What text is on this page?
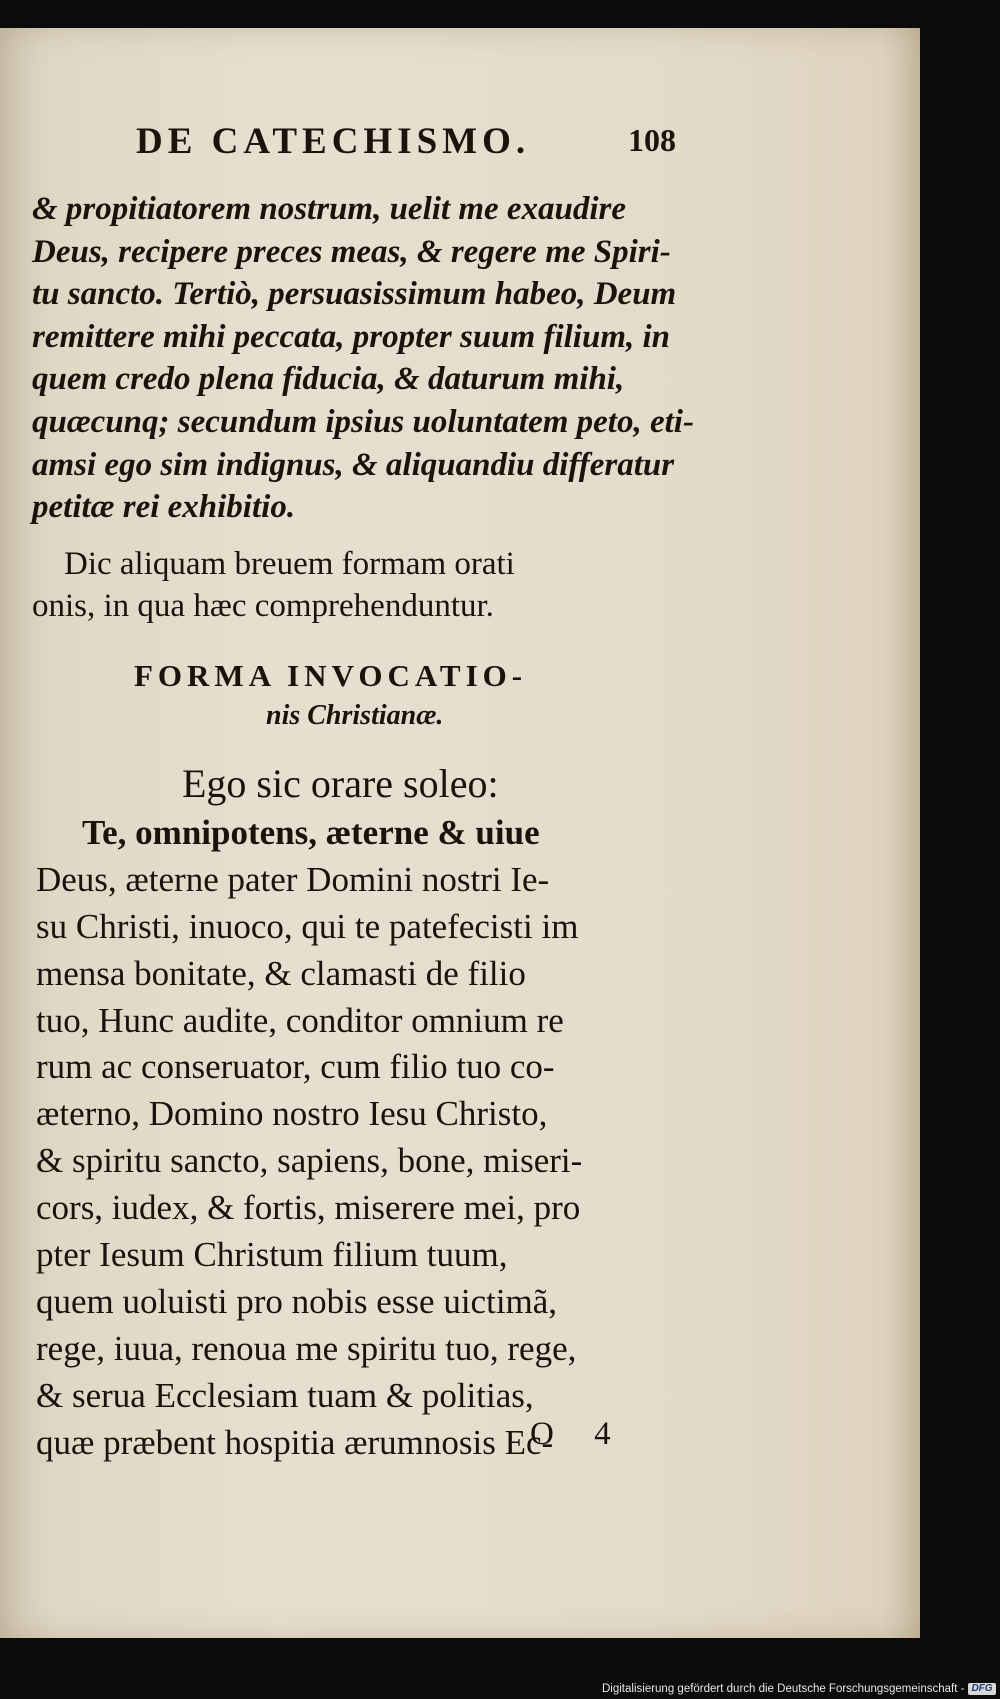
DE CATECHISMO.	108
& propitiatorem nostrum, uelit me exaudire
Deus, recipere preces meas, & regere me Spiri-
tu sancto. Tertiò, persuasissimum habeo, Deum
remittere mihi peccata, propter suum filium, in
quem credo plena fiducia, & daturum mihi,
quæcunq; secundum ipsius uoluntatem peto, eti-
amsi ego sim indignus, & aliquandiu differatur
petitæ rei exhibitio.
Dic aliquam breuem formam orati
onis, in qua hæc comprehenduntur.
FORMA INVOCATIO-
nis Christianæ.
Ego sic orare soleo:
Te, omnipotens, æterne & uiue
Deus, æterne pater Domini nostri Ie-
su Christi, inuoco, qui te patefecisti im
mensa bonitate, & clamasti de filio
tuo, Hunc audite, conditor omnium re
rum ac conseruator, cum filio tuo co-
æterno, Domino nostro Iesu Christo,
& spiritu sancto, sapiens, bone, miseri-
cors, iudex, & fortis, miserere mei, pro
pter Iesum Christum filium tuum,
quem uoluisti pro nobis esse uictimã,
rege, iuua, renoua me spiritu tuo, rege,
& serua Ecclesiam tuam & politias,
quæ præbent hospitia ærumnosis Ec-
O 4
Digitalisierung gefördert durch die Deutsche Forschungsgemeinschaft - DFG
